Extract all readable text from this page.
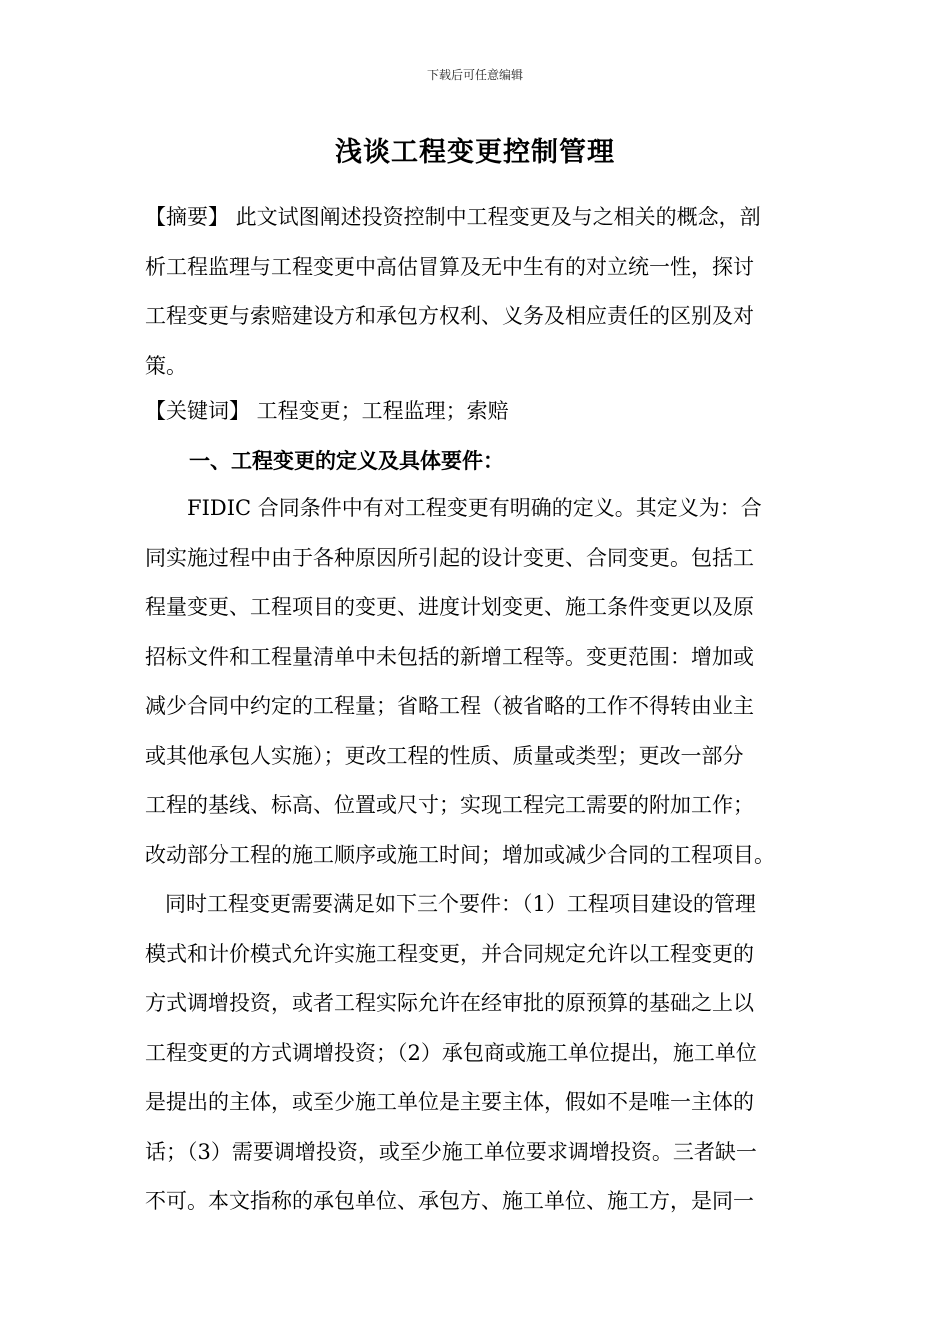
下载后可任意编辑
浅谈工程变更控制管理
【摘要】 此文试图阐述投资控制中工程变更及与之相关的概念，剖
析工程监理与工程变更中高估冒算及无中生有的对立统一性，探讨
工程变更与索赔建设方和承包方权利、义务及相应责任的区别及对
策。
【关键词】 工程变更；工程监理；索赔
一、工程变更的定义及具体要件：
FIDIC 合同条件中有对工程变更有明确的定义。其定义为：合
同实施过程中由于各种原因所引起的设计变更、合同变更。包括工
程量变更、工程项目的变更、进度计划变更、施工条件变更以及原
招标文件和工程量清单中未包括的新增工程等。变更范围：增加或
减少合同中约定的工程量；省略工程（被省略的工作不得转由业主
或其他承包人实施）；更改工程的性质、质量或类型；更改一部分
工程的基线、标高、位置或尺寸；实现工程完工需要的附加工作；
改动部分工程的施工顺序或施工时间；增加或减少合同的工程项目。
同时工程变更需要满足如下三个要件：（1）工程项目建设的管理
模式和计价模式允许实施工程变更，并合同规定允许以工程变更的
方式调增投资，或者工程实际允许在经审批的原预算的基础之上以
工程变更的方式调增投资；（2）承包商或施工单位提出，施工单位
是提出的主体，或至少施工单位是主要主体，假如不是唯一主体的
话；（3）需要调增投资，或至少施工单位要求调增投资。三者缺一
不可。本文指称的承包单位、承包方、施工单位、施工方，是同一
